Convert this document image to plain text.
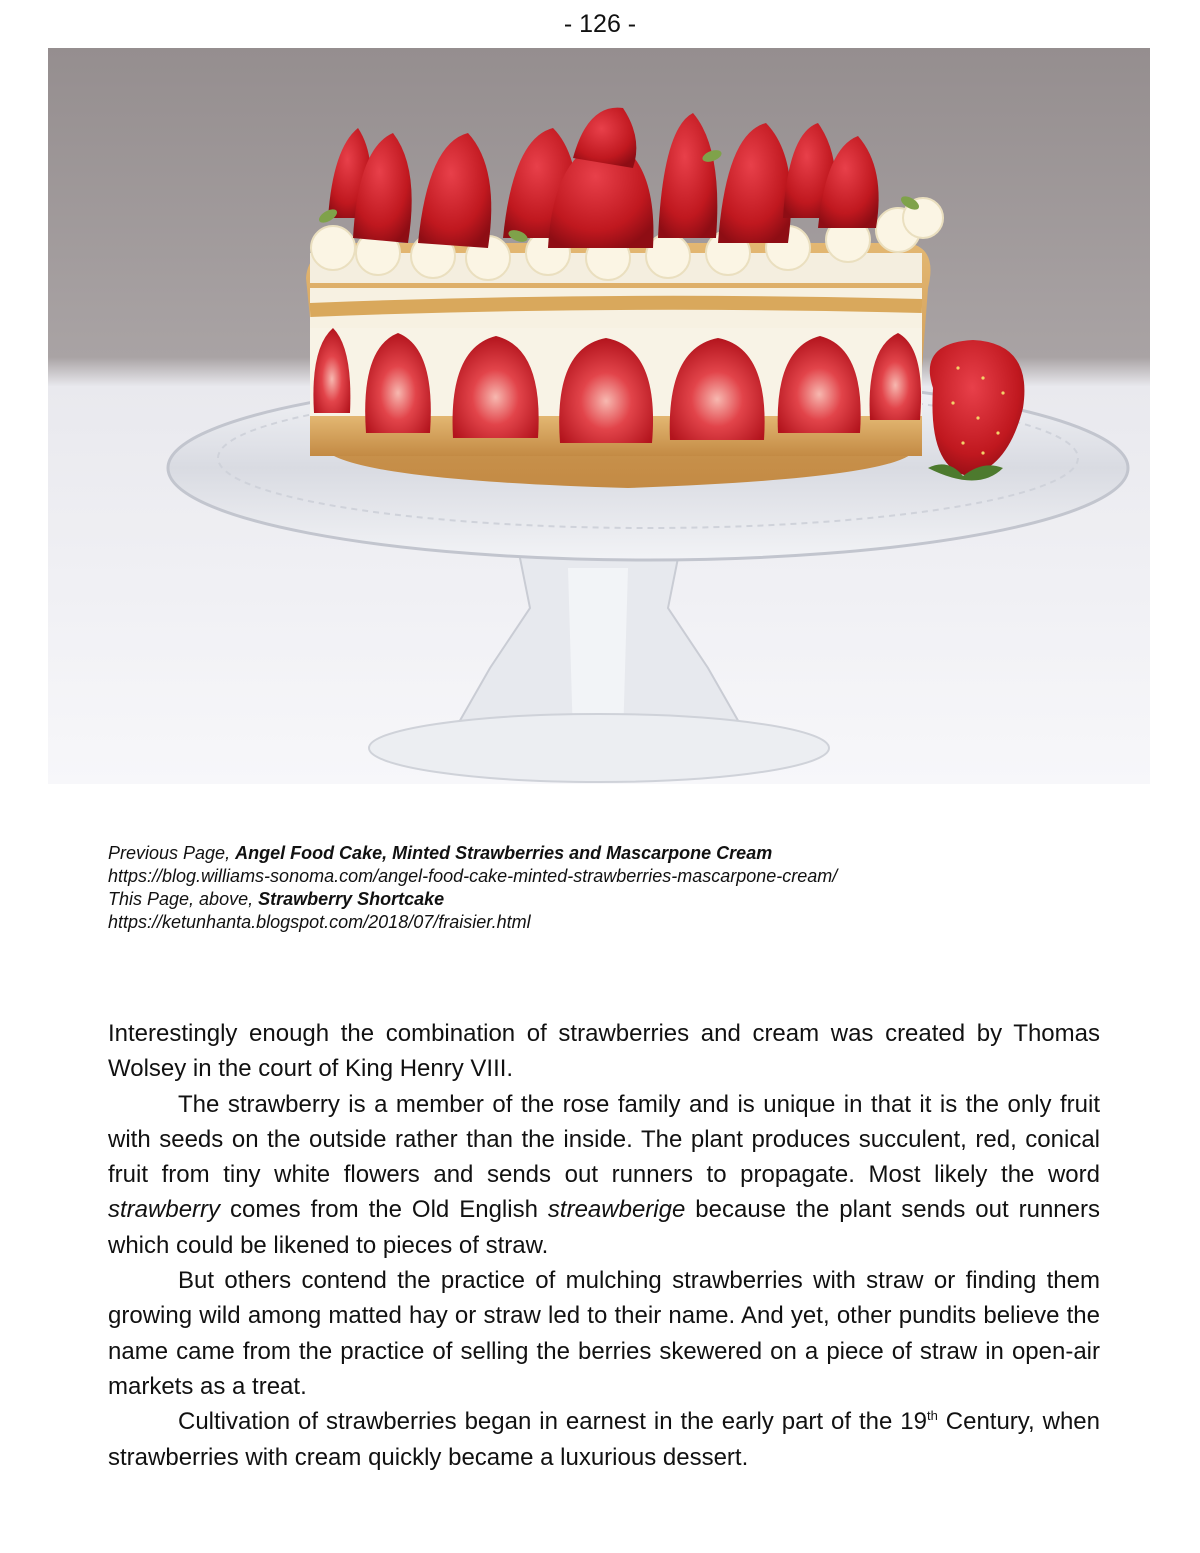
- 126 -
Previous Page, Angel Food Cake, Minted Strawberries and Mascarpone Cream
https://blog.williams-sonoma.com/angel-food-cake-minted-strawberries-mascarpone-cream/
This Page, above, Strawberry Shortcake
https://ketunhanta.blogspot.com/2018/07/fraisier.html

Interestingly enough the combination of strawberries and cream was created by Thomas Wolsey in the court of King Henry VIII.

The strawberry is a member of the rose family and is unique in that it is the only fruit with seeds on the outside rather than the inside. The plant produces succulent, red, conical fruit from tiny white flowers and sends out runners to propagate. Most likely the word strawberry comes from the Old English streawberige because the plant sends out runners which could be likened to pieces of straw.

But others contend the practice of mulching strawberries with straw or finding them growing wild among matted hay or straw led to their name. And yet, other pundits believe the name came from the practice of selling the berries skewered on a piece of straw in open-air markets as a treat.

Cultivation of strawberries began in earnest in the early part of the 19th Century, when strawberries with cream quickly became a luxurious dessert.
